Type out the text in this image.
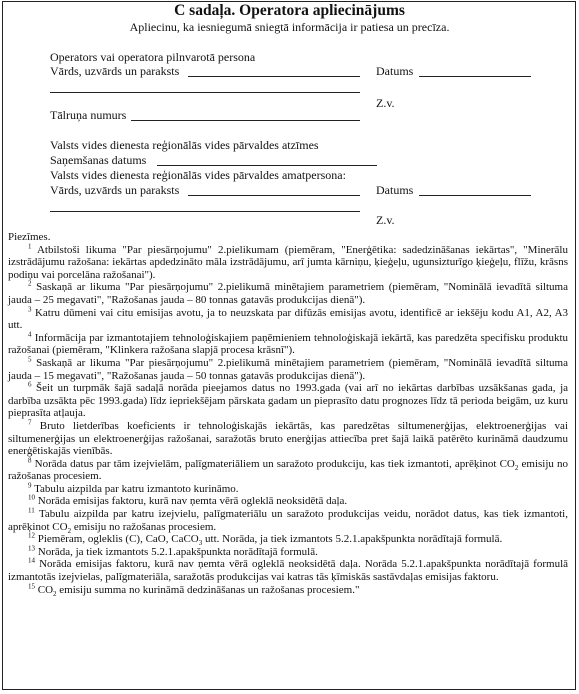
C sadaļa. Operatora apliecinājums
Apliecinu, ka iesniegumā sniegtā informācija ir patiesa un precīza.
Operators vai operatora pilnvarotā persona
Vārds, uzvārds un paraksts	Datums
Z.v.
Tālruņa numurs
Valsts vides dienesta reģionālās vides pārvaldes atzīmes
Saņemšanas datums
Valsts vides dienesta reģionālās vides pārvaldes amatpersona:
Vārds, uzvārds un paraksts	Datums
Z.v.

Piezīmes.

$^1$ Atbilstoši likuma "Par piesārņojumu" 2.pielikumam (piemēram, "Enerģētika: sadedzināšanas iekārtas", "Minerālu izstrādājumu ražošana: iekārtas apdedzināto māla izstrādājumu, arī jumta kārniņu, ķieģeļu, ugunsizturīgo ķieģeļu, flīžu, krāsns podiņu vai porcelāna ražošanai").

$^2$ Saskaņā ar likuma "Par piesārņojumu" 2.pielikumā minētajiem parametriem (piemēram, "Nominālā ievadītā siltuma jauda – 25 megavati", "Ražošanas jauda – 80 tonnas gatavās produkcijas dienā").

$^3$ Katru dūmeni vai citu emisijas avotu, ja to neuzskata par difūzās emisijas avotu, identificē ar iekšēju kodu A1, A2, A3 utt.

$^4$ Informācija par izmantotajiem tehnoloģiskajiem paņēmieniem tehnoloģiskajā iekārtā, kas paredzēta specifisku produktu ražošanai (piemēram, "Klinkera ražošana slapjā procesa krāsnī").

$^5$ Saskaņā ar likuma "Par piesārņojumu" 2.pielikumā minētajiem parametriem (piemēram, "Nominālā ievadītā siltuma jauda – 15 megavati", "Ražošanas jauda – 50 tonnas gatavās produkcijas dienā").

$^6$ Šeit un turpmāk šajā sadaļā norāda pieejamos datus no 1993.gada (vai arī no iekārtas darbības uzsākšanas gada, ja darbība uzsākta pēc 1993.gada) līdz iepriekšējam pārskata gadam un pieprasīto datu prognozes līdz tā perioda beigām, uz kuru pieprasīta atļauja.

$^7$ Bruto lietderības koeficients ir tehnoloģiskajās iekārtās, kas paredzētas siltumenerģijas, elektroenerģijas vai siltumenerģijas un elektroenerģijas ražošanai, saražotās bruto enerģijas attiecība pret šajā laikā patērēto kurināmā daudzumu enerģētiskajās vienībās.

$^8$ Norāda datus par tām izejvielām, palīgmateriāliem un saražoto produkciju, kas tiek izmantoti, aprēķinot $CO_2$ emisiju no ražošanas procesiem.

$^9$ Tabulu aizpilda par katru izmantoto kurināmo.

$^{10}$ Norāda emisijas faktoru, kurā nav ņemta vērā ogleklā neoksidētā daļa.

$^{11}$ Tabulu aizpilda par katru izejvielu, palīgmateriālu un saražoto produkcijas veidu, norādot datus, kas tiek izmantoti, aprēķinot $CO_2$ emisiju no ražošanas procesiem.

$^{12}$ Piemēram, ogleklis (C), CaO, CaCO$_3$ utt. Norāda, ja tiek izmantots 5.2.1.apakšpunkta norādītajā formulā.

$^{13}$ Norāda, ja tiek izmantots 5.2.1.apakšpunkta norādītajā formulā.

$^{14}$ Norāda emisijas faktoru, kurā nav ņemta vērā ogleklā neoksidētā daļa. Norāda 5.2.1.apakšpunkta norādītajā formulā izmantotās izejvielas, palīgmateriāla, saražotās produkcijas vai katras tās ķīmiskās sastāvdaļas emisijas faktoru.

$^{15}$ $CO_2$ emisiju summa no kurināmā dedzināšanas un ražošanas procesiem."
